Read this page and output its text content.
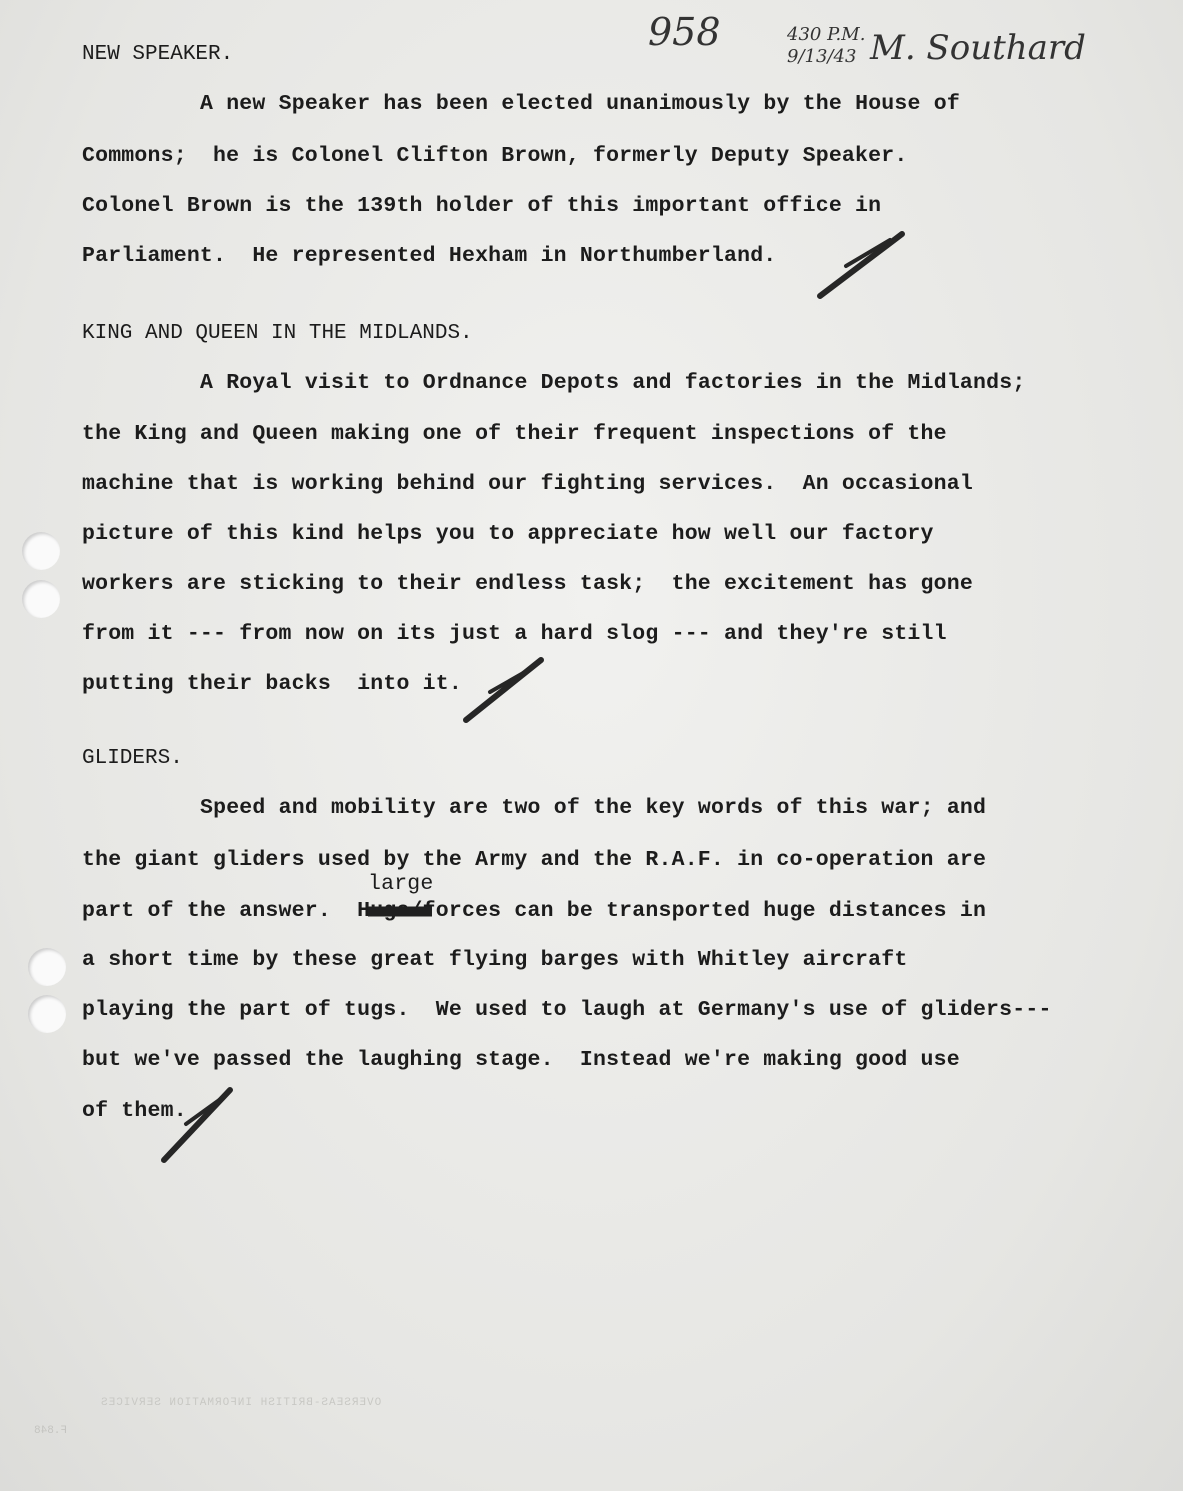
958	430 P.M.
9/13/43 M. Southard
NEW SPEAKER.
A new Speaker has been elected unanimously by the House of
Commons;  he is Colonel Clifton Brown, formerly Deputy Speaker.
Colonel Brown is the 139th holder of this important office in
Parliament.  He represented Hexham in Northumberland.
KING AND QUEEN IN THE MIDLANDS.
A Royal visit to Ordnance Depots and factories in the Midlands;
the King and Queen making one of their frequent inspections of the
machine that is working behind our fighting services.  An occasional
picture of this kind helps you to appreciate how well our factory
workers are sticking to their endless task;  the excitement has gone
from it --- from now on its just a hard slog --- and they're still
putting their backs  into it.
GLIDERS.
Speed and mobility are two of the key words of this war; and
the giant gliders used by the Army and the R.A.F. in co-operation are
large
part of the answer.  Huge/forces can be transported huge distances in
a short time by these great flying barges with Whitley aircraft
playing the part of tugs.  We used to laugh at Germany's use of gliders---
but we've passed the laughing stage.  Instead we're making good use
of them.
OVERSEAS-BRITISH INFORMATION SERVICES
F.848
